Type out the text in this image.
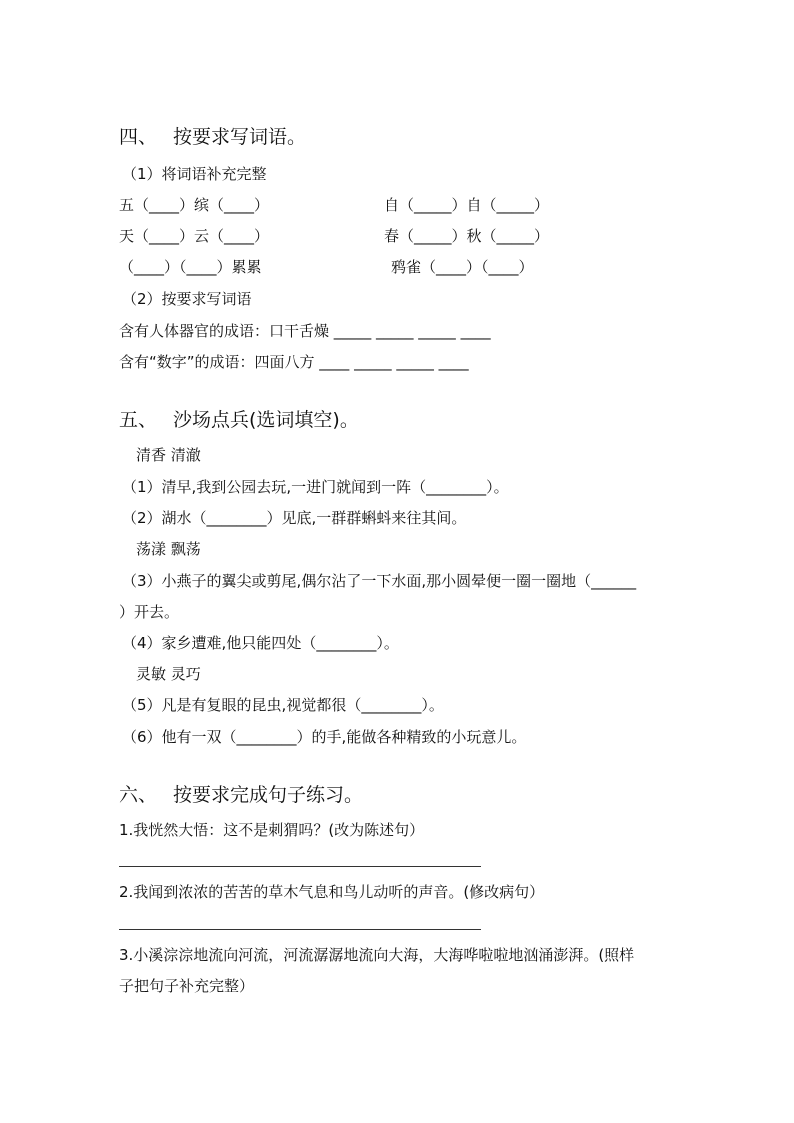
四、 按要求写词语。
（1）将词语补充完整
五（____）缤（____）	自（_____）自（_____）
天（____）云（____）	春（_____）秋（_____）
（____）（____）累累	鸦雀（____）（____）
（2）按要求写词语
含有人体器官的成语：口干舌燥 _____ _____ _____ ____
含有“数字”的成语：四面八方 ____ _____ _____ ____
五、 沙场点兵(选词填空)。
清香 清澈
（1）清早,我到公园去玩,一进门就闻到一阵（________）。
（2）湖水（________）见底,一群群蝌蚪来往其间。
荡漾 飘荡
（3）小燕子的翼尖或剪尾,偶尔沾了一下水面,那小圆晕便一圈一圈地（______
）开去。
（4）家乡遭难,他只能四处（________）。
灵敏 灵巧
（5）凡是有复眼的昆虫,视觉都很（________）。
（6）他有一双（________）的手,能做各种精致的小玩意儿。
六、 按要求完成句子练习。
1.我恍然大悟：这不是刺猬吗？(改为陈述句）
2.我闻到浓浓的苦苦的草木气息和鸟儿动听的声音。(修改病句）
3.小溪淙淙地流向河流，河流潺潺地流向大海，大海哗啦啦地汹涌澎湃。(照样
子把句子补充完整）
